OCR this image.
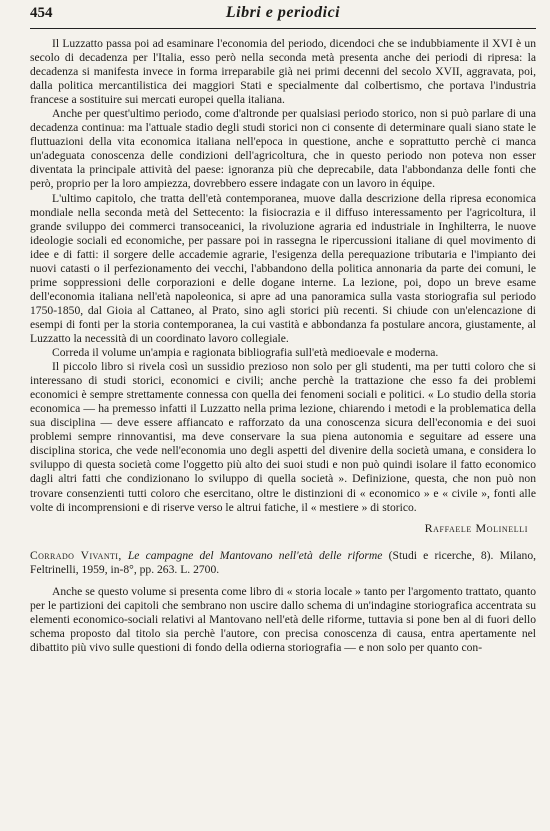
454	Libri e periodici

Il Luzzatto passa poi ad esaminare l'economia del periodo, dicendoci che se indubbiamente il XVI è un secolo di decadenza per l'Italia, esso però nella seconda metà presenta anche dei periodi di ripresa: la decadenza si manifesta invece in forma irreparabile già nei primi decenni del secolo XVII, aggravata, poi, dalla politica mercantilistica dei maggiori Stati e specialmente dal colbertismo, che portava l'industria francese a sostituire sui mercati europei quella italiana.

Anche per quest'ultimo periodo, come d'altronde per qualsiasi periodo storico, non si può parlare di una decadenza continua: ma l'attuale stadio degli studi storici non ci consente di determinare quali siano state le fluttuazioni della vita economica italiana nell'epoca in questione, anche e soprattutto perchè ci manca un'adeguata conoscenza delle condizioni dell'agricoltura, che in questo periodo non poteva non esser diventata la principale attività del paese: ignoranza più che deprecabile, data l'abbondanza delle fonti che però, proprio per la loro ampiezza, dovrebbero essere indagate con un lavoro in équipe.

L'ultimo capitolo, che tratta dell'età contemporanea, muove dalla descrizione della ripresa economica mondiale nella seconda metà del Settecento: la fisiocrazia e il diffuso interessamento per l'agricoltura, il grande sviluppo dei commerci transoceanici, la rivoluzione agraria ed industriale in Inghilterra, le nuove ideologie sociali ed economiche, per passare poi in rassegna le ripercussioni italiane di quel movimento di idee e di fatti: il sorgere delle accademie agrarie, l'esigenza della perequazione tributaria e l'impianto dei nuovi catasti o il perfezionamento dei vecchi, l'abbandono della politica annonaria da parte dei comuni, le prime soppressioni delle corporazioni e delle dogane interne. La lezione, poi, dopo un breve esame dell'economia italiana nell'età napoleonica, si apre ad una panoramica sulla vasta storiografia sul periodo 1750-1850, dal Gioia al Cattaneo, al Prato, sino agli storici più recenti. Si chiude con un'elencazione di esempi di fonti per la storia contemporanea, la cui vastità e abbondanza fa postulare ancora, giustamente, al Luzzatto la necessità di un coordinato lavoro collegiale.

Corredа il volume un'ampia e ragionata bibliografia sull'età medioevale e moderna.

Il piccolo libro si rivela così un sussidio prezioso non solo per gli studenti, ma per tutti coloro che si interessano di studi storici, economici e civili; anche perchè la trattazione che esso fa dei problemi economici è sempre strettamente connessa con quella dei fenomeni sociali e politici. « Lo studio della storia economica — ha premesso infatti il Luzzatto nella prima lezione, chiarendo i metodi e la problematica della sua disciplina — deve essere affiancato e rafforzato da una conoscenza sicura dell'economia e dei suoi problemi sempre rinnovantisi, ma deve conservare la sua piena autonomia e seguitare ad essere una disciplina storica, che vede nell'economia uno degli aspetti del divenire della società umana, e considera lo sviluppo di questa società come l'oggetto più alto dei suoi studi e non può quindi isolare il fatto economico dagli altri fatti che condizionano lo sviluppo di quella società ». Definizione, questa, che non può non trovare consenzienti tutti coloro che esercitano, oltre le distinzioni di « economico » e « civile », fonti alle volte di incomprensioni e di riserve verso le altrui fatiche, il « mestiere » di storico.

Raffaele Molinelli
Corrado Vivanti, Le campagne del Mantovano nell'età delle riforme (Studi e ricerche, 8). Milano, Feltrinelli, 1959, in-8°, pp. 263. L. 2700.

Anche se questo volume si presenta come libro di « storia locale » tanto per l'argomento trattato, quanto per le partizioni dei capitoli che sembrano non uscire dallo schema di un'indagine storiografica accentrata su elementi economico-sociali relativi al Mantovano nell'età delle riforme, tuttavia si pone ben al di fuori dello schema proposto dal titolo sia perchè l'autore, con precisa conoscenza di causa, entra apertamente nel dibattito più vivo sulle questioni di fondo della odierna storiografia — e non solo per quanto con-
